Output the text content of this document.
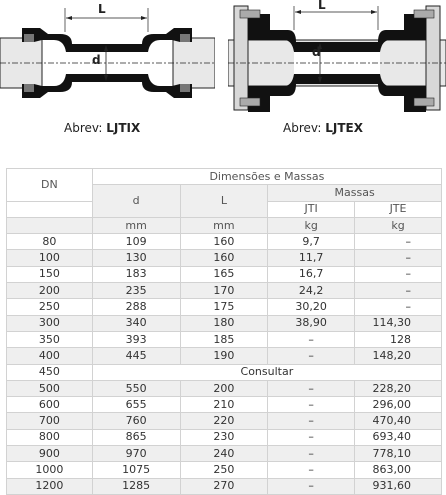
L
d
L
d
Abrev: LJTIX	Abrev: LJTEX
DN	Dimensões e Massas			
	d	L	Massas	
			JTI	JTE
	mm	mm	kg	kg
80	109	160	9,7	–
100	130	160	11,7	–
150	183	165	16,7	–
200	235	170	24,2	–
250	288	175	30,20	–
300	340	180	38,90	114,30
350	393	185	–	128
400	445	190	–	148,20
450	Consultar			
500	550	200	–	228,20
600	655	210	–	296,00
700	760	220	–	470,40
800	865	230	–	693,40
900	970	240	–	778,10
1000	1075	250	–	863,00
1200	1285	270	–	931,60
